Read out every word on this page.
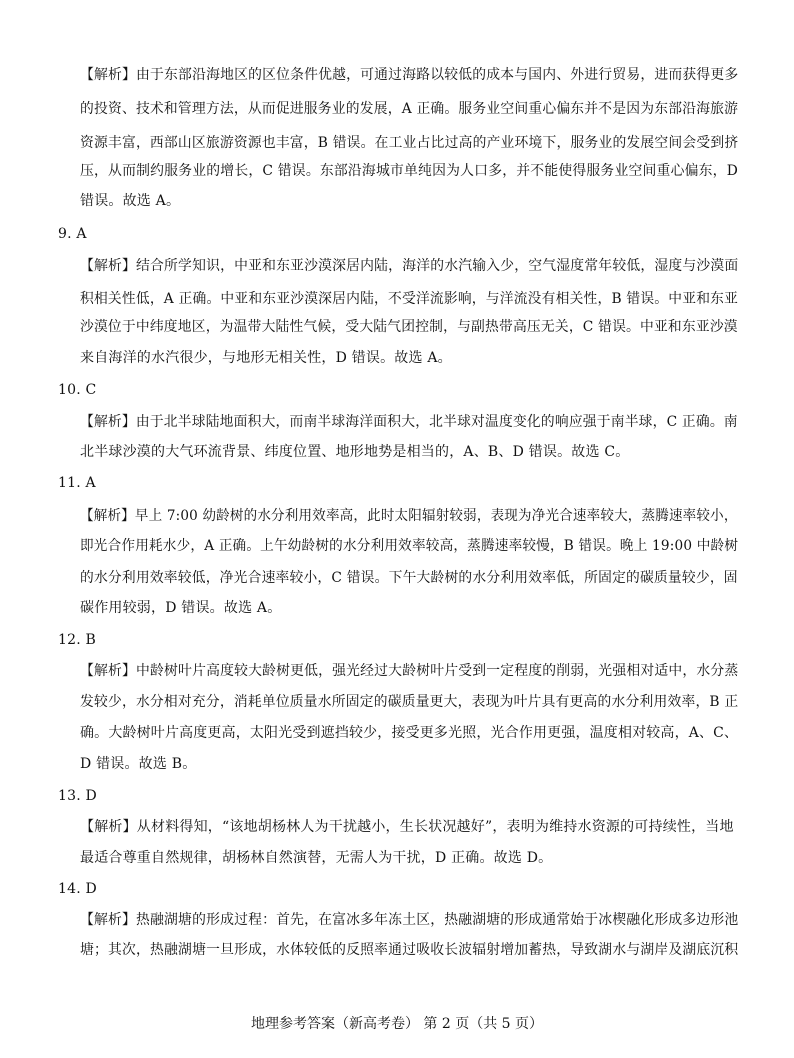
【解析】由于东部沿海地区的区位条件优越，可通过海路以较低的成本与国内、外进行贸易，进而获得更多
的投资、技术和管理方法，从而促进服务业的发展，A 正确。服务业空间重心偏东并不是因为东部沿海旅游
资源丰富，西部山区旅游资源也丰富，B 错误。在工业占比过高的产业环境下，服务业的发展空间会受到挤
压，从而制约服务业的增长，C 错误。东部沿海城市单纯因为人口多，并不能使得服务业空间重心偏东，D
错误。故选 A。
9. A
【解析】结合所学知识，中亚和东亚沙漠深居内陆，海洋的水汽输入少，空气湿度常年较低，湿度与沙漠面
积相关性低，A 正确。中亚和东亚沙漠深居内陆，不受洋流影响，与洋流没有相关性，B 错误。中亚和东亚
沙漠位于中纬度地区，为温带大陆性气候，受大陆气团控制，与副热带高压无关，C 错误。中亚和东亚沙漠
来自海洋的水汽很少，与地形无相关性，D 错误。故选 A。
10. C
【解析】由于北半球陆地面积大，而南半球海洋面积大，北半球对温度变化的响应强于南半球，C 正确。南
北半球沙漠的大气环流背景、纬度位置、地形地势是相当的，A、B、D 错误。故选 C。
11. A
【解析】早上 7:00 幼龄树的水分利用效率高，此时太阳辐射较弱，表现为净光合速率较大，蒸腾速率较小，
即光合作用耗水少，A 正确。上午幼龄树的水分利用效率较高，蒸腾速率较慢，B 错误。晚上 19:00 中龄树
的水分利用效率较低，净光合速率较小，C 错误。下午大龄树的水分利用效率低，所固定的碳质量较少，固
碳作用较弱，D 错误。故选 A。
12. B
【解析】中龄树叶片高度较大龄树更低，强光经过大龄树叶片受到一定程度的削弱，光强相对适中，水分蒸
发较少，水分相对充分，消耗单位质量水所固定的碳质量更大，表现为叶片具有更高的水分利用效率，B 正
确。大龄树叶片高度更高，太阳光受到遮挡较少，接受更多光照，光合作用更强，温度相对较高，A、C、
D 错误。故选 B。
13. D
【解析】从材料得知，“该地胡杨林人为干扰越小，生长状况越好”，表明为维持水资源的可持续性，当地
最适合尊重自然规律，胡杨林自然演替，无需人为干扰，D 正确。故选 D。
14. D
【解析】热融湖塘的形成过程：首先，在富冰多年冻土区，热融湖塘的形成通常始于冰楔融化形成多边形池
塘；其次，热融湖塘一旦形成，水体较低的反照率通过吸收长波辐射增加蓄热，导致湖水与湖岸及湖底沉积
地理参考答案（新高考卷） 第 2 页（共 5 页）
